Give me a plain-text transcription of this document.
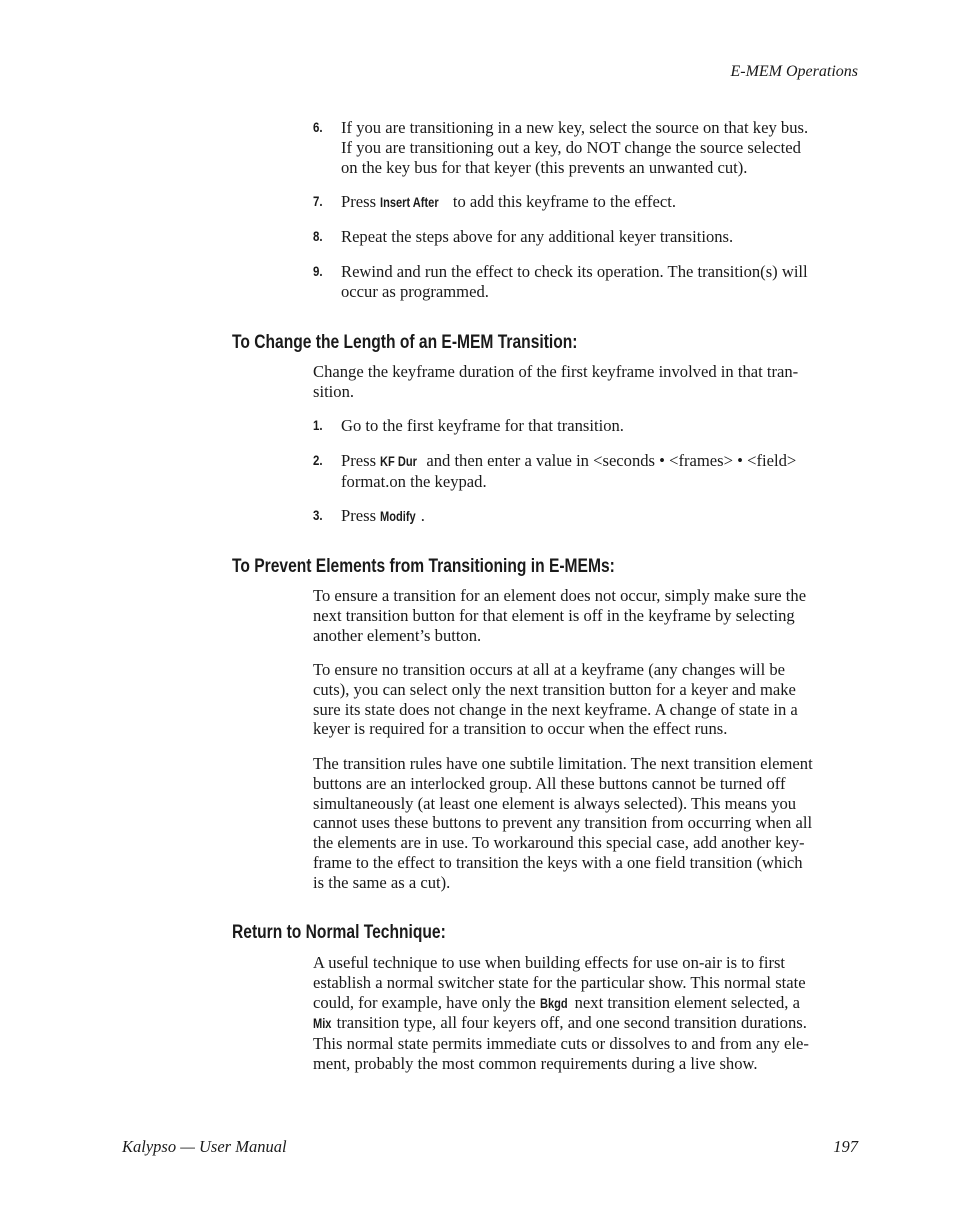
E-MEM Operations
6. If you are transitioning in a new key, select the source on that key bus.
If you are transitioning out a key, do NOT change the source selected
on the key bus for that keyer (this prevents an unwanted cut).
7. Press Insert After to add this keyframe to the effect.
8. Repeat the steps above for any additional keyer transitions.
9. Rewind and run the effect to check its operation. The transition(s) will
occur as programmed.
To Change the Length of an E-MEM Transition:
Change the keyframe duration of the first keyframe involved in that tran-
sition.
1. Go to the first keyframe for that transition.
2. Press KF Dur and then enter a value in <seconds • <frames> • <field>
format.on the keypad.
3. Press Modify .
To Prevent Elements from Transitioning in E-MEMs:
To ensure a transition for an element does not occur, simply make sure the
next transition button for that element is off in the keyframe by selecting
another element’s button.
To ensure no transition occurs at all at a keyframe (any changes will be
cuts), you can select only the next transition button for a keyer and make
sure its state does not change in the next keyframe. A change of state in a
keyer is required for a transition to occur when the effect runs.
The transition rules have one subtile limitation. The next transition element
buttons are an interlocked group. All these buttons cannot be turned off
simultaneously (at least one element is always selected). This means you
cannot uses these buttons to prevent any transition from occurring when all
the elements are in use. To workaround this special case, add another key-
frame to the effect to transition the keys with a one field transition (which
is the same as a cut).
Return to Normal Technique:
A useful technique to use when building effects for use on-air is to first
establish a normal switcher state for the particular show. This normal state
could, for example, have only the Bkgd next transition element selected, a
Mix transition type, all four keyers off, and one second transition durations.
This normal state permits immediate cuts or dissolves to and from any ele-
ment, probably the most common requirements during a live show.
Kalypso — User Manual	197
